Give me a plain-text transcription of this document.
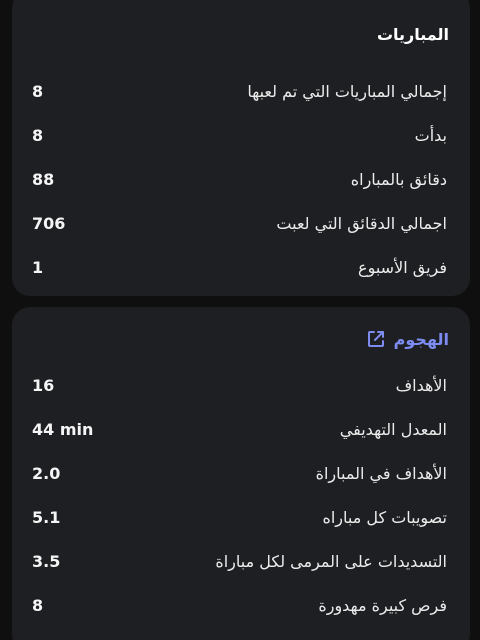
المباريات
إجمالي المباريات التي تم لعبها
8
بدأت
8
دقائق بالمباراه
88
اجمالي الدقائق التي لعبت
706
فريق الأسبوع
1
الهجوم
الأهداف
16
المعدل التهديفي
44 min
الأهداف في المباراة
2.0
تصويبات كل مباراه
5.1
التسديدات على المرمى لكل مباراة
3.5
فرص كبيرة مهدورة
8
